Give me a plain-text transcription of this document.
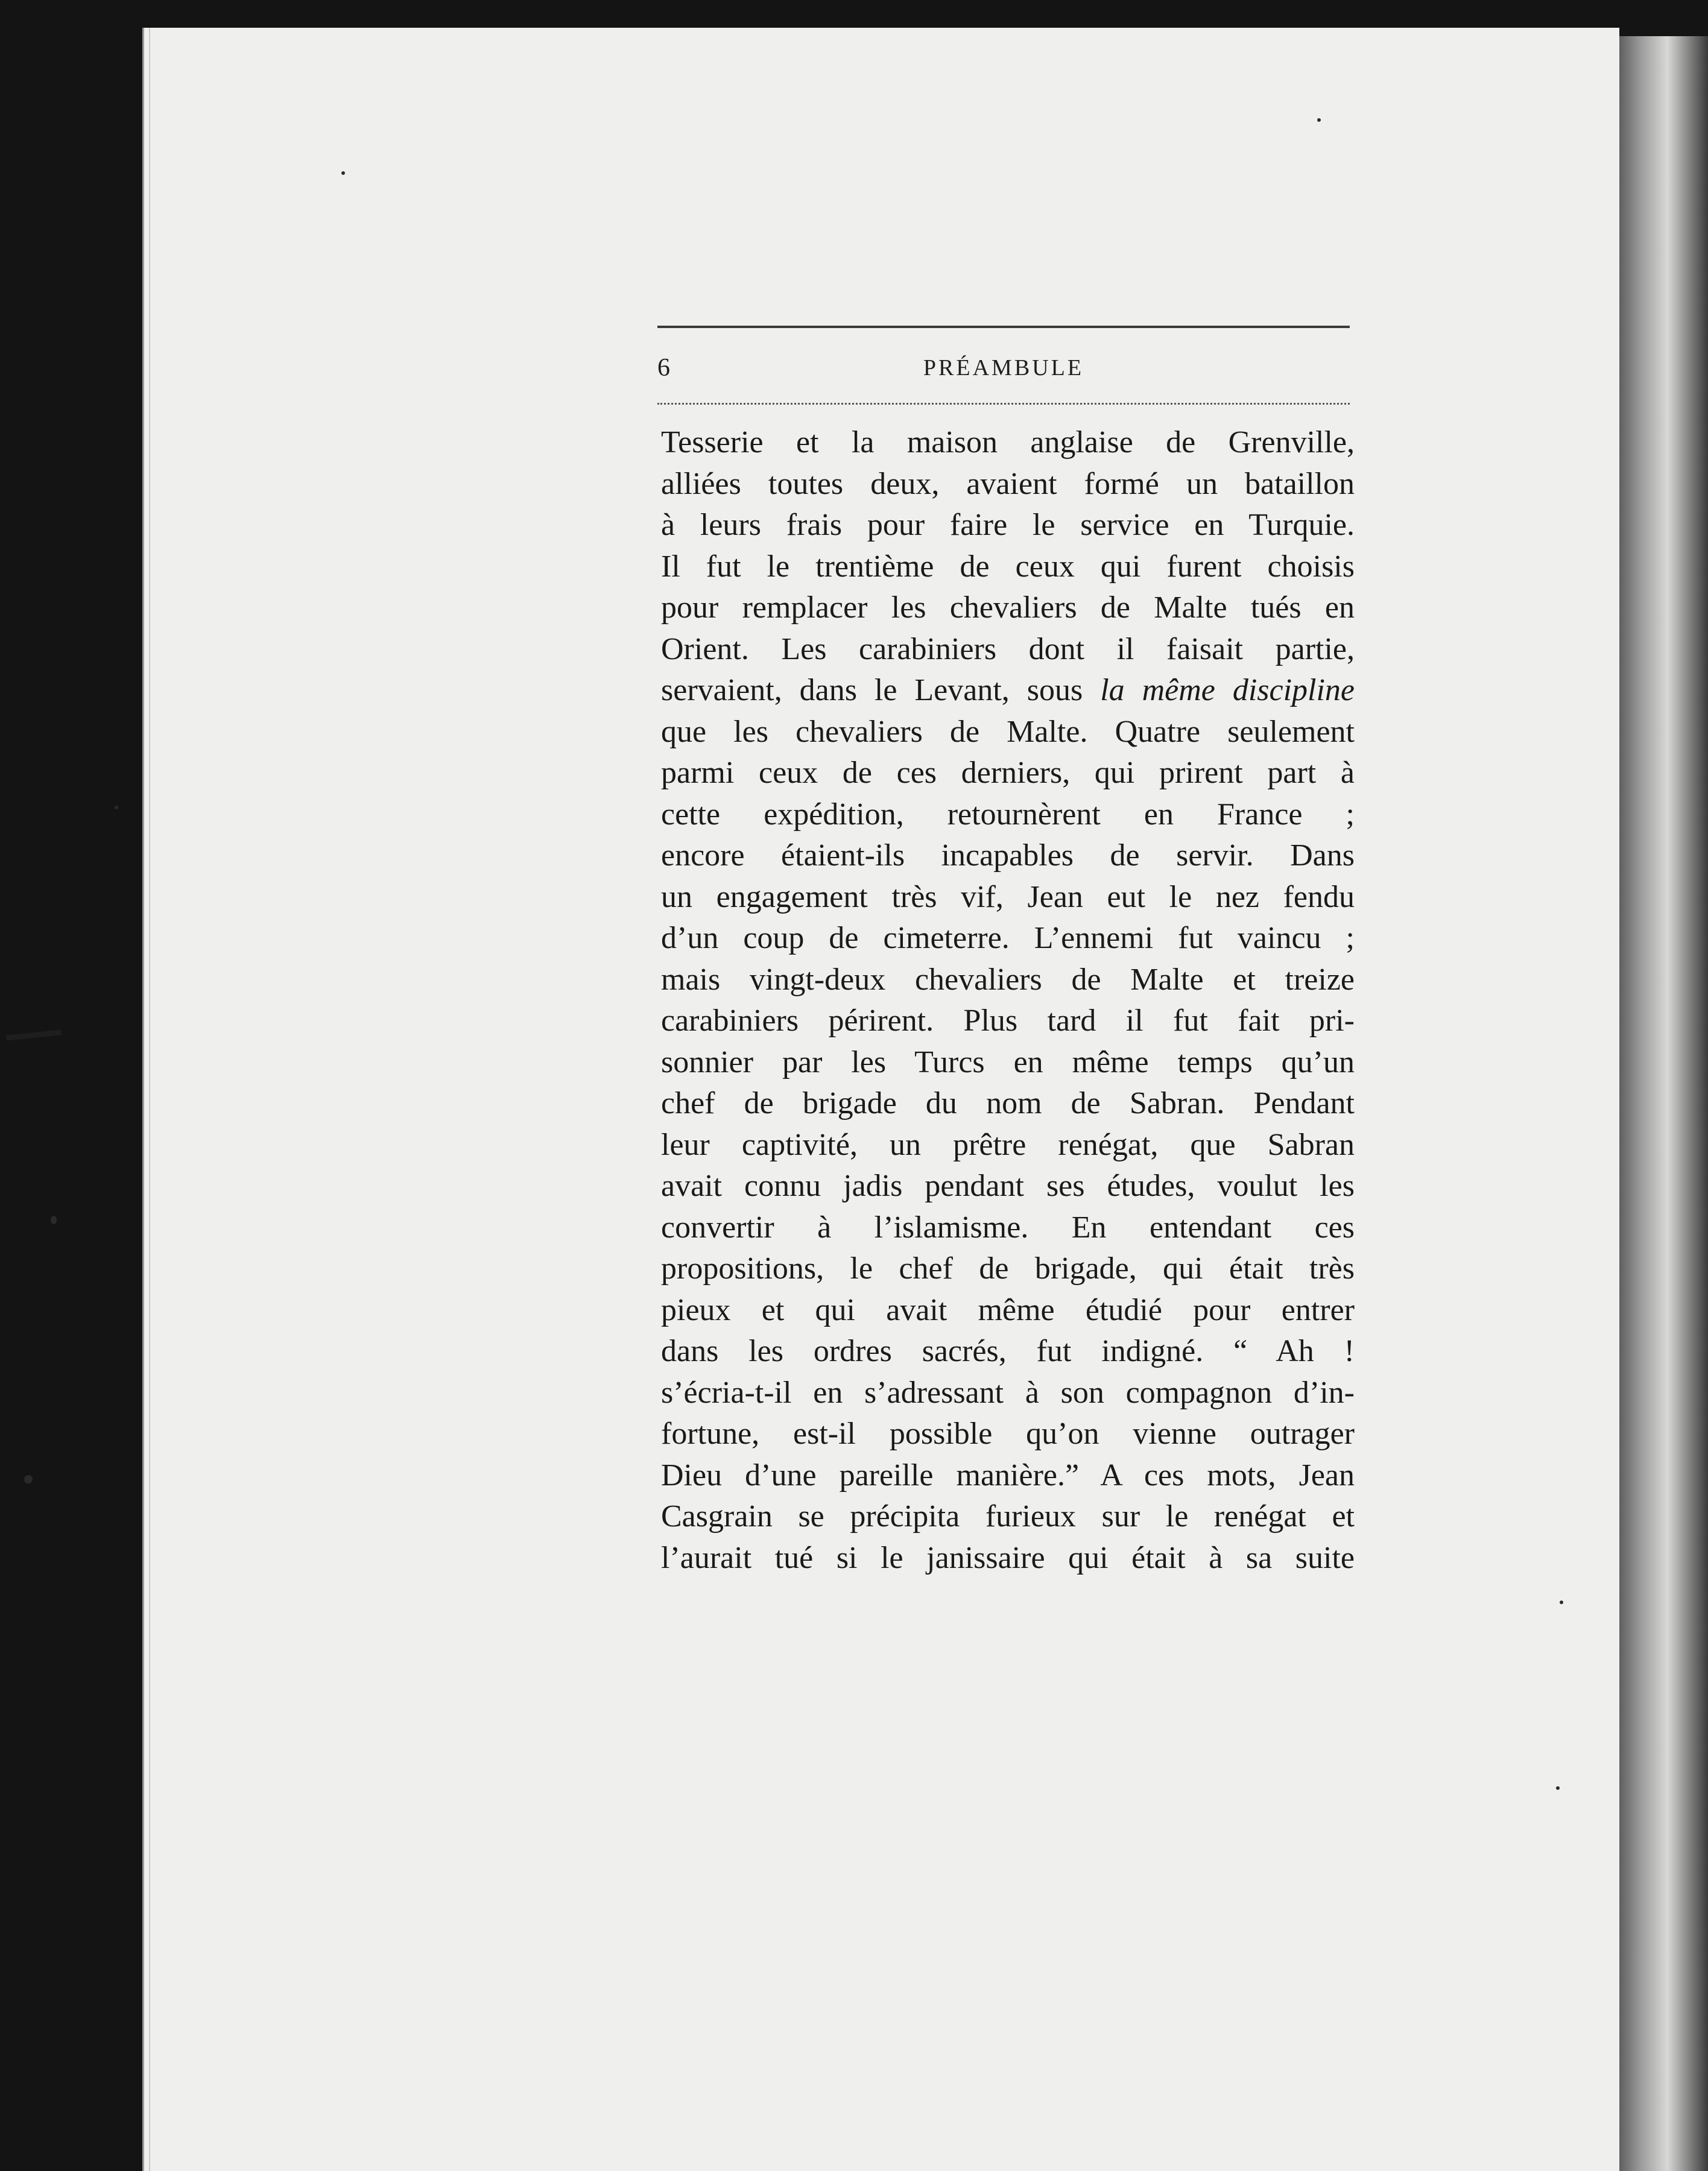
6	PRÉAMBULE
Tesserie et la maison anglaise de Grenville,
alliées toutes deux, avaient formé un bataillon
à leurs frais pour faire le service en Turquie.
Il fut le trentième de ceux qui furent choisis
pour remplacer les chevaliers de Malte tués en
Orient. Les carabiniers dont il faisait partie,
servaient, dans le Levant, sous la même discipline
que les chevaliers de Malte. Quatre seulement
parmi ceux de ces derniers, qui prirent part à
cette expédition, retournèrent en France ;
encore étaient-ils incapables de servir. Dans
un engagement très vif, Jean eut le nez fendu
d’un coup de cimeterre. L’ennemi fut vaincu ;
mais vingt-deux chevaliers de Malte et treize
carabiniers périrent. Plus tard il fut fait pri-
sonnier par les Turcs en même temps qu’un
chef de brigade du nom de Sabran. Pendant
leur captivité, un prêtre renégat, que Sabran
avait connu jadis pendant ses études, voulut les
convertir à l’islamisme. En entendant ces
propositions, le chef de brigade, qui était très
pieux et qui avait même étudié pour entrer
dans les ordres sacrés, fut indigné. “ Ah !
s’écria-t-il en s’adressant à son compagnon d’in-
fortune, est-il possible qu’on vienne outrager
Dieu d’une pareille manière.” A ces mots, Jean
Casgrain se précipita furieux sur le renégat et
l’aurait tué si le janissaire qui était à sa suite
